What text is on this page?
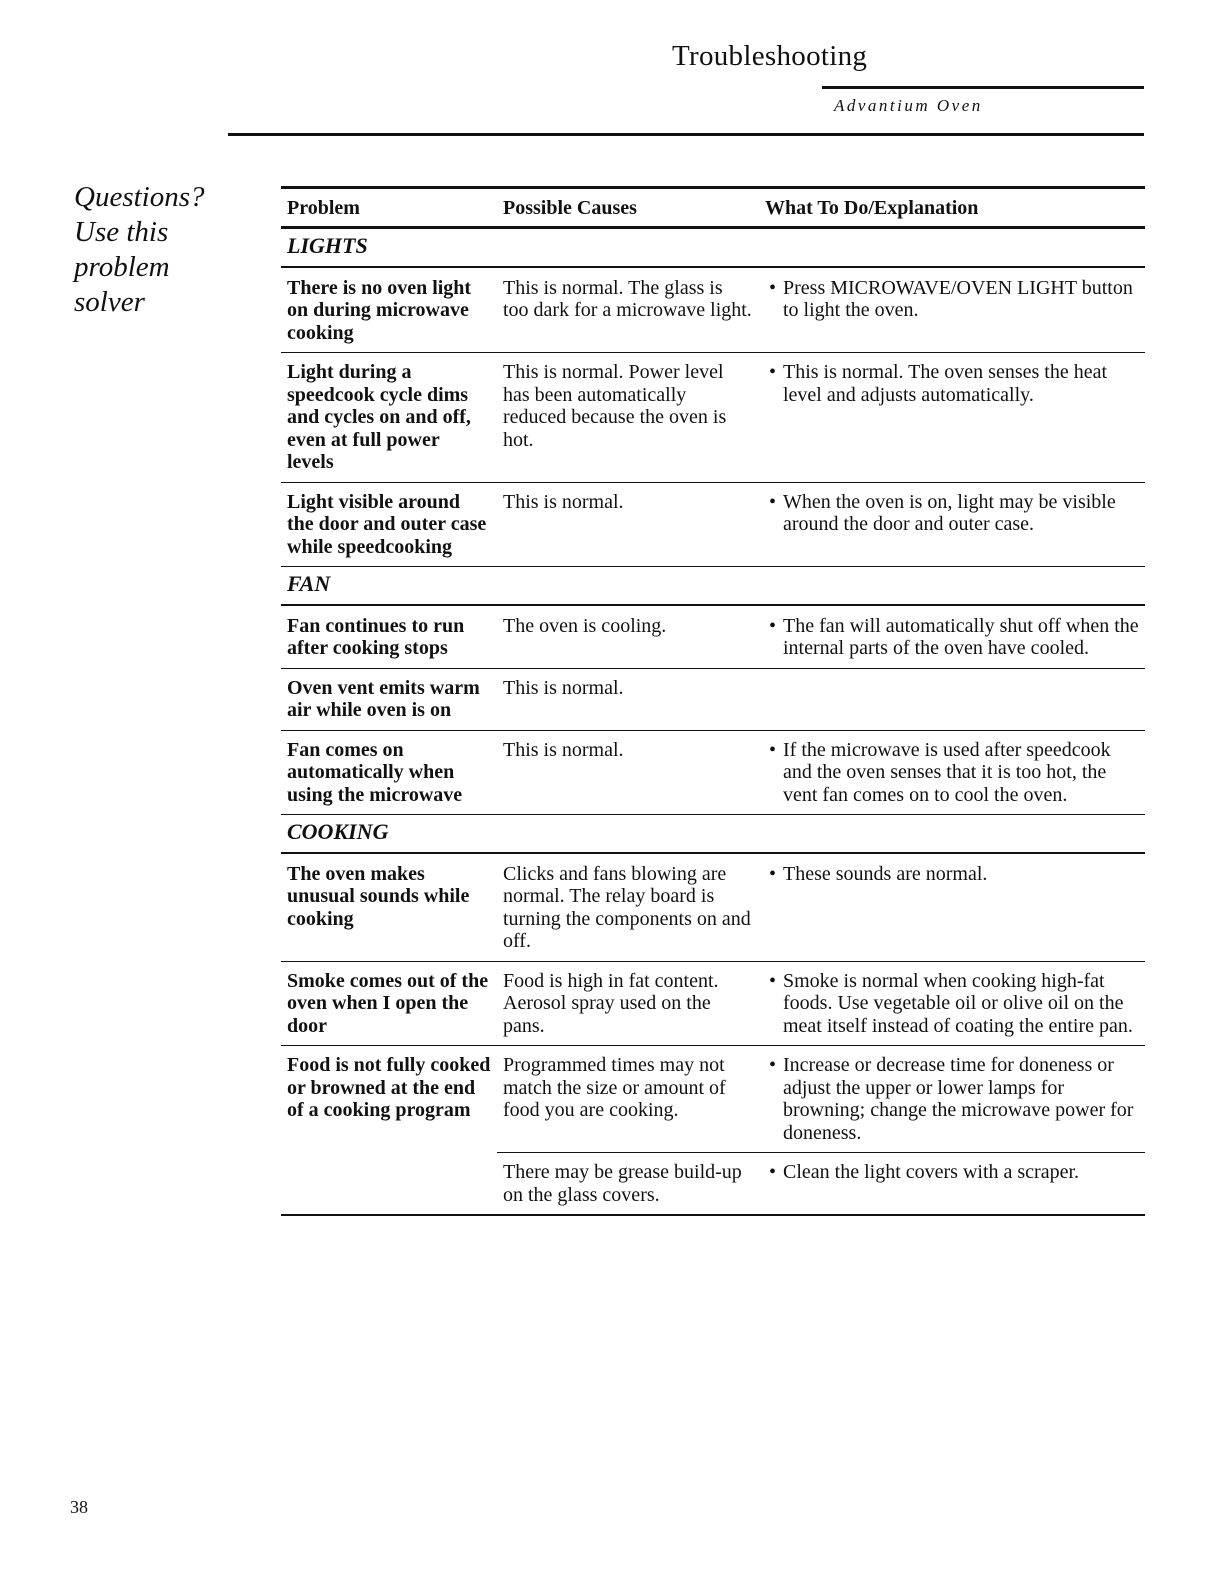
Troubleshooting
Advantium Oven
Questions?
Use this
problem
solver
Problem	Possible Causes	What To Do/Explanation
LIGHTS		
There is no oven light on during microwave cooking	This is normal. The glass is too dark for a microwave light.	• Press MICROWAVE/OVEN LIGHT button to light the oven.

Light during a speedcook cycle dims and cycles on and off, even at full power levels	This is normal. Power level has been automatically reduced because the oven is hot.	• This is normal. The oven senses the heat level and adjusts automatically.

Light visible around the door and outer case while speedcooking	This is normal.	• When the oven is on, light may be visible around the door and outer case.

FAN		
Fan continues to run after cooking stops	The oven is cooling.	• The fan will automatically shut off when the internal parts of the oven have cooled.

Oven vent emits warm air while oven is on	This is normal.	
Fan comes on automatically when using the microwave	This is normal.	• If the microwave is used after speedcook and the oven senses that it is too hot, the vent fan comes on to cool the oven.

COOKING		
The oven makes unusual sounds while cooking	Clicks and fans blowing are normal. The relay board is turning the components on and off.	• These sounds are normal.

Smoke comes out of the oven when I open the door	Food is high in fat content. Aerosol spray used on the pans.	• Smoke is normal when cooking high-fat foods. Use vegetable oil or olive oil on the meat itself instead of coating the entire pan.

Food is not fully cooked or browned at the end of a cooking program	Programmed times may not match the size or amount of food you are cooking.	• Increase or decrease time for doneness or adjust the upper or lower lamps for browning; change the microwave power for doneness.

	There may be grease build-up on the glass covers.	• Clean the light covers with a scraper.
38
